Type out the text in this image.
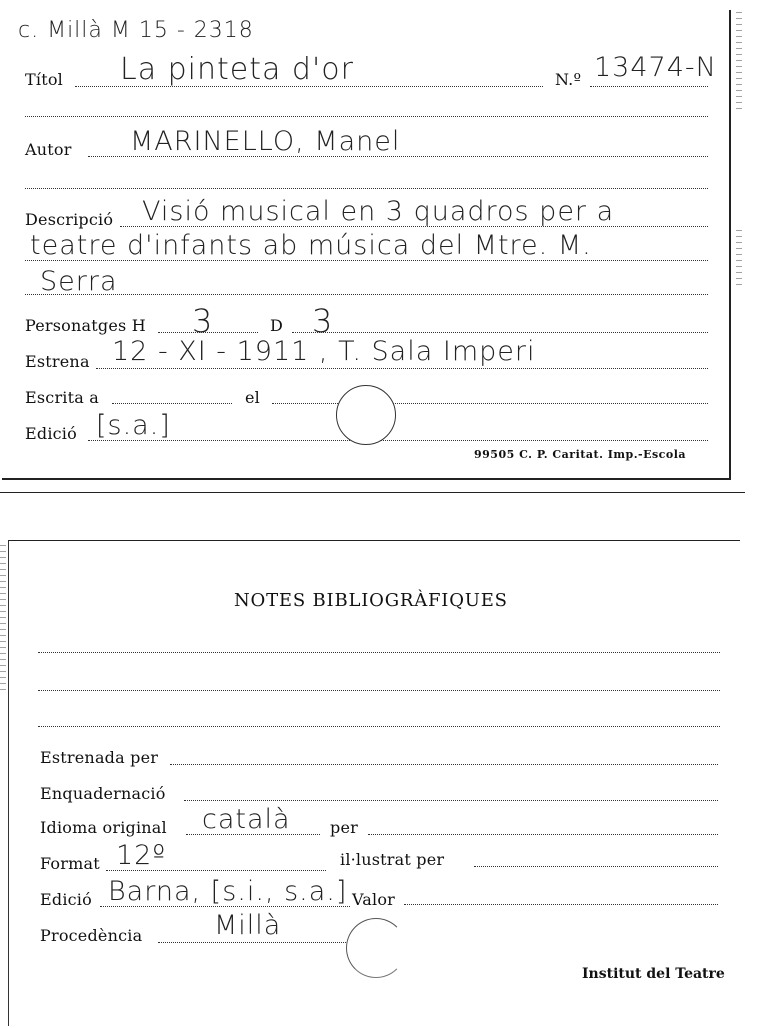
c. Millà M 15 - 2318
Títol La pinteta d'or	N.º 13474-N
Autor MARINELLO, Manel
Descripció Visió musical en 3 quadros per a
teatre d'infants ab música del Mtre. M.
Serra
Personatges H 3	D 3
Estrena 12 - XI - 1911 , T. Sala Imperi
Escrita a	el
Edició [s.a.]
99505 C. P. Caritat. Imp.-Escola
NOTES BIBLIOGRÀFIQUES
Estrenada per
Enquadernació
Idioma original català per
Format 12º	il·lustrat per
Edició Barna, [s.i., s.a.] Valor
Procedència	Millà
Institut del Teatre
